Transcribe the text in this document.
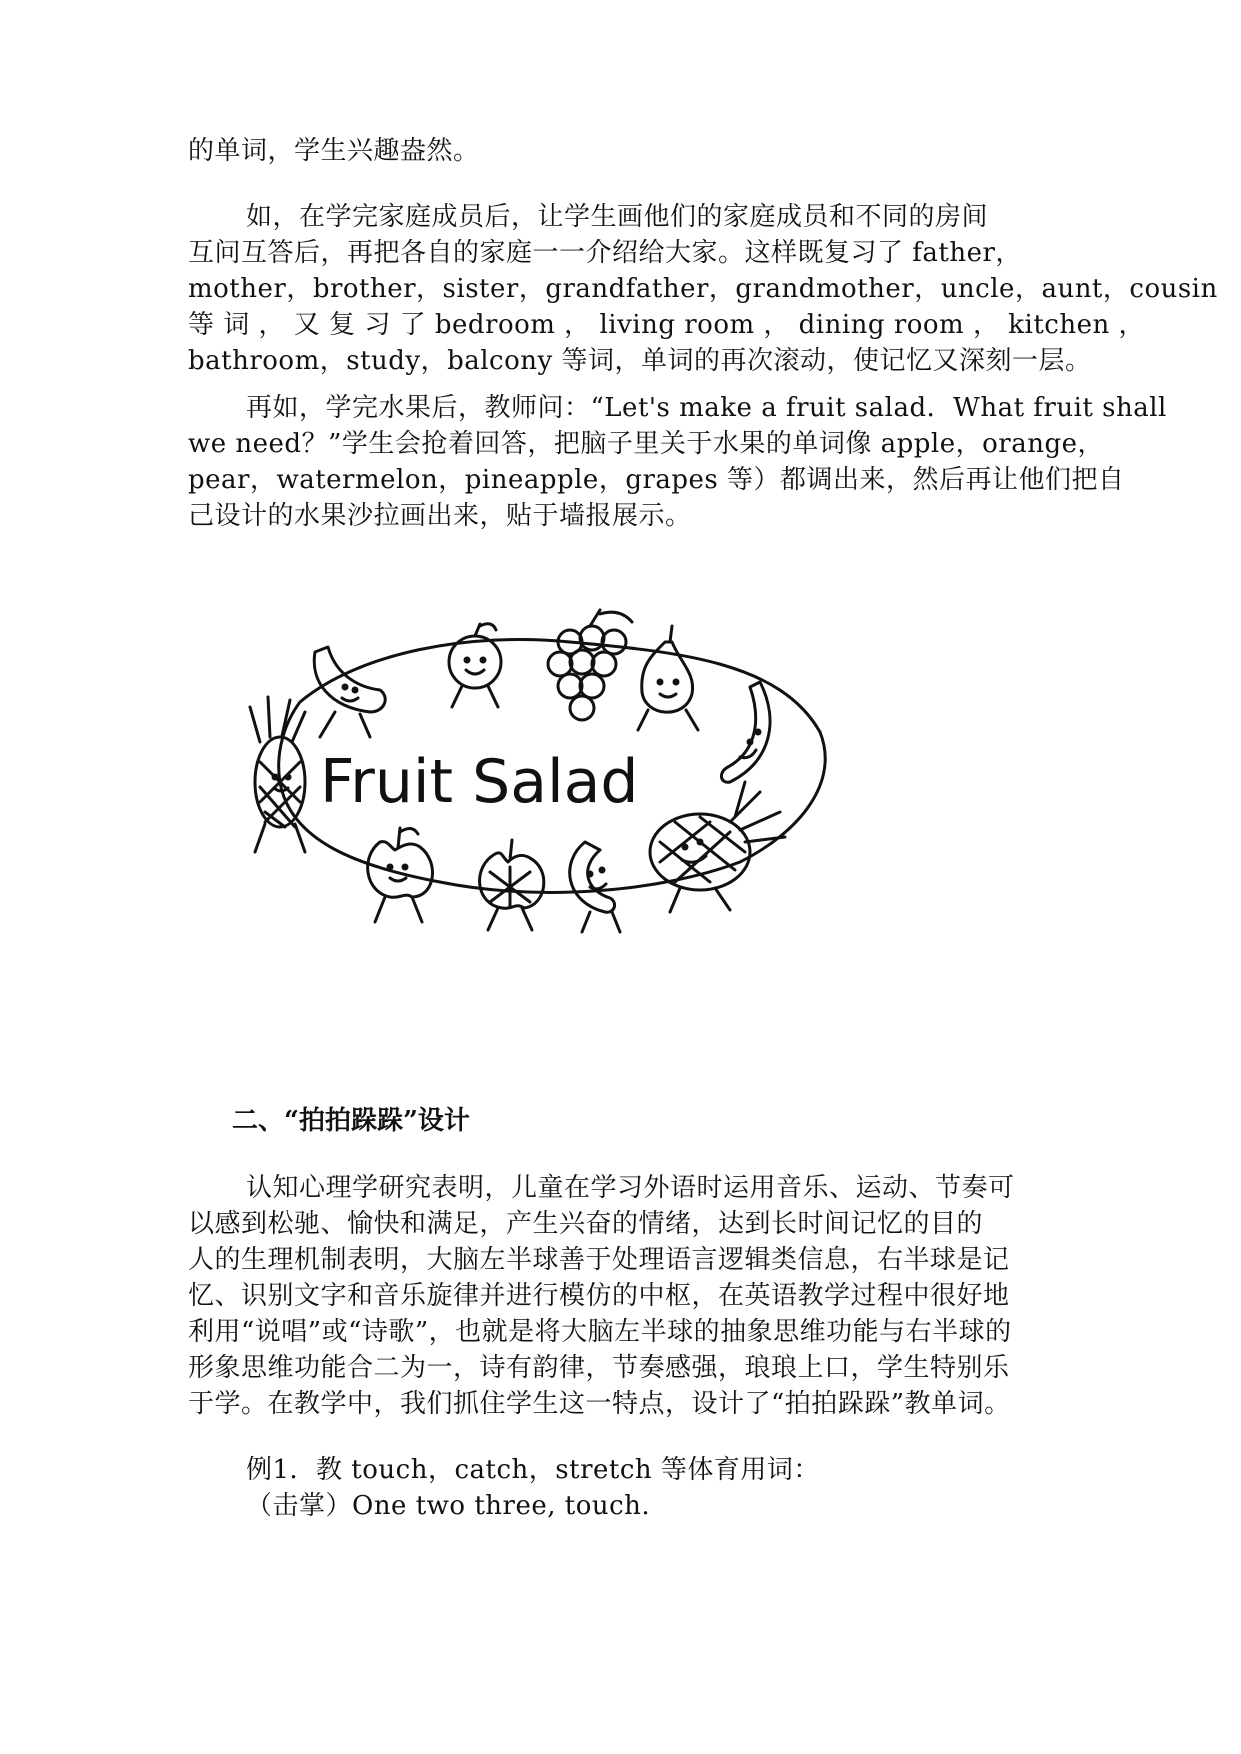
的单词，学生兴趣盎然。
如，在学完家庭成员后，让学生画他们的家庭成员和不同的房间
互问互答后，再把各自的家庭一一介绍给大家。这样既复习了 father，
mother，brother，sister，grandfather，grandmother，uncle，aunt，cousin
等 词 ， 又 复 习 了 bedroom ， living room ， dining room ， kitchen ，
bathroom，study，balcony 等词，单词的再次滚动，使记忆又深刻一层。
再如，学完水果后，教师问：“Let's make a fruit salad．What fruit shall
we need？”学生会抢着回答，把脑子里关于水果的单词像 apple，orange，
pear，watermelon，pineapple，grapes 等）都调出来，然后再让他们把自
己设计的水果沙拉画出来，贴于墙报展示。
Fruit Salad
二、“拍拍跺跺”设计
认知心理学研究表明，儿童在学习外语时运用音乐、运动、节奏可
以感到松驰、愉快和满足，产生兴奋的情绪，达到长时间记忆的目的
人的生理机制表明，大脑左半球善于处理语言逻辑类信息，右半球是记
忆、识别文字和音乐旋律并进行模仿的中枢，在英语教学过程中很好地
利用“说唱”或“诗歌”，也就是将大脑左半球的抽象思维功能与右半球的
形象思维功能合二为一，诗有韵律，节奏感强，琅琅上口，学生特别乐
于学。在教学中，我们抓住学生这一特点，设计了“拍拍跺跺”教单词。
例1．教 touch，catch，stretch 等体育用词：
（击掌）One two three, touch.
